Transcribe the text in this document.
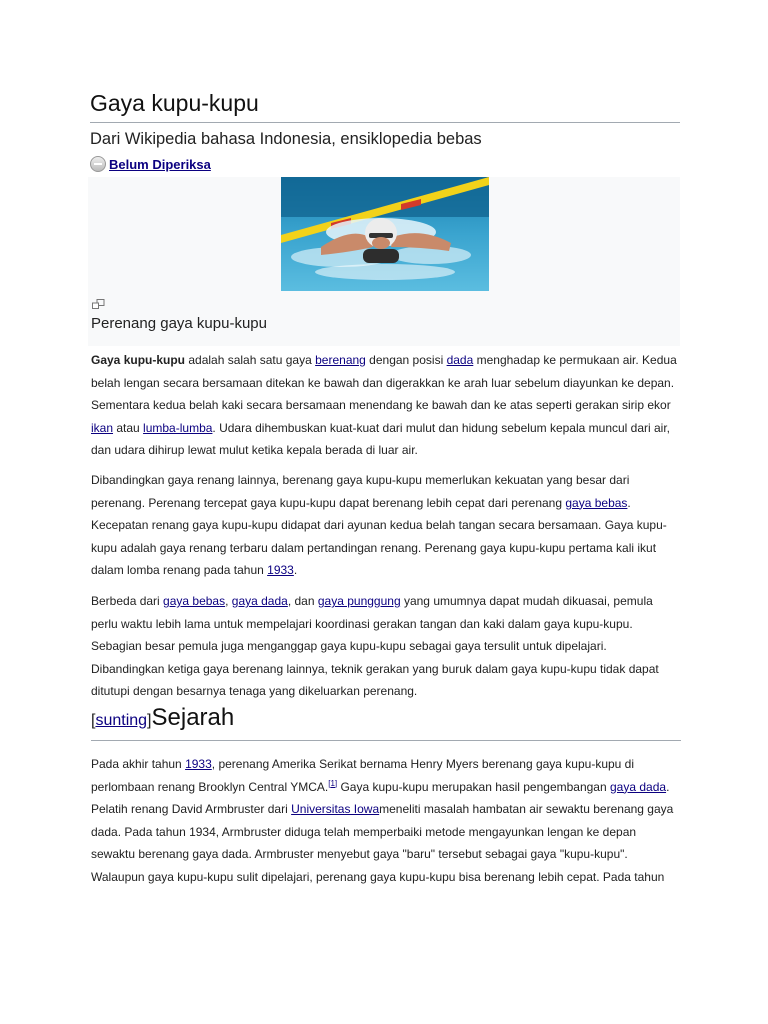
Gaya kupu-kupu
Dari Wikipedia bahasa Indonesia, ensiklopedia bebas
Belum Diperiksa
Perenang gaya kupu-kupu

Gaya kupu-kupu adalah salah satu gaya berenang dengan posisi dada menghadap ke permukaan air. Kedua belah lengan secara bersamaan ditekan ke bawah dan digerakkan ke arah luar sebelum diayunkan ke depan. Sementara kedua belah kaki secara bersamaan menendang ke bawah dan ke atas seperti gerakan sirip ekor ikan atau lumba-lumba. Udara dihembuskan kuat-kuat dari mulut dan hidung sebelum kepala muncul dari air, dan udara dihirup lewat mulut ketika kepala berada di luar air.

Dibandingkan gaya renang lainnya, berenang gaya kupu-kupu memerlukan kekuatan yang besar dari perenang. Perenang tercepat gaya kupu-kupu dapat berenang lebih cepat dari perenang gaya bebas. Kecepatan renang gaya kupu-kupu didapat dari ayunan kedua belah tangan secara bersamaan. Gaya kupu-kupu adalah gaya renang terbaru dalam pertandingan renang. Perenang gaya kupu-kupu pertama kali ikut dalam lomba renang pada tahun 1933.

Berbeda dari gaya bebas, gaya dada, dan gaya punggung yang umumnya dapat mudah dikuasai, pemula perlu waktu lebih lama untuk mempelajari koordinasi gerakan tangan dan kaki dalam gaya kupu-kupu. Sebagian besar pemula juga menganggap gaya kupu-kupu sebagai gaya tersulit untuk dipelajari. Dibandingkan ketiga gaya berenang lainnya, teknik gerakan yang buruk dalam gaya kupu-kupu tidak dapat ditutupi dengan besarnya tenaga yang dikeluarkan perenang.

[sunting]Sejarah

Pada akhir tahun 1933, perenang Amerika Serikat bernama Henry Myers berenang gaya kupu-kupu di perlombaan renang Brooklyn Central YMCA.[1] Gaya kupu-kupu merupakan hasil pengembangan gaya dada. Pelatih renang David Armbruster dari Universitas Iowameneliti masalah hambatan air sewaktu berenang gaya dada. Pada tahun 1934, Armbruster diduga telah memperbaiki metode mengayunkan lengan ke depan sewaktu berenang gaya dada. Armbruster menyebut gaya "baru" tersebut sebagai gaya "kupu-kupu". Walaupun gaya kupu-kupu sulit dipelajari, perenang gaya kupu-kupu bisa berenang lebih cepat. Pada tahun
